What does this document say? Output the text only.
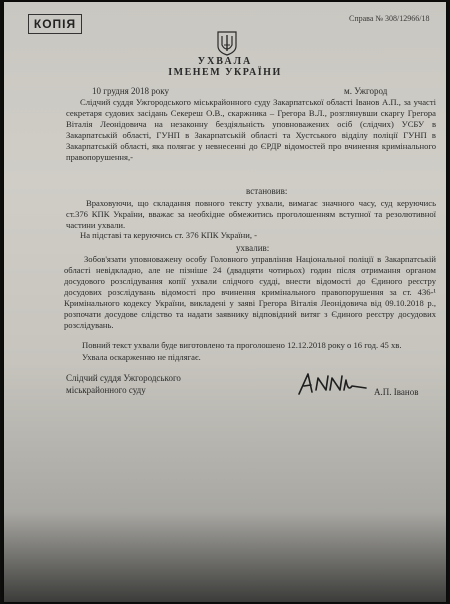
КОПІЯ	Справа № 308/12966/18
УХВАЛА
ІМЕНЕМ УКРАЇНИ
10 грудня 2018 року	м. Ужгород
Слідчий суддя Ужгородського міськрайонного суду Закарпатської області Іванов А.П., за участі секретаря судових засідань Секереш О.В., скаржника – Грегора В.Л., розглянувши скаргу Грегора Віталія Леонідовича на незаконну бездіяльність уповноважених осіб (слідчих) УСБУ в Закарпатській області, ГУНП в Закарпатській області та Хустського відділу поліції ГУНП в Закарпатській області, яка полягає у невнесенні до ЄРДР відомостей про вчинення кримінального правопорушення,-
встановив:
Враховуючи, що складання повного тексту ухвали, вимагає значного часу, суд керуючись ст.376 КПК України, вважає за необхідне обмежитись проголошенням вступної та резолютивної частини ухвали.
На підставі та керуючись ст. 376 КПК України, -
ухвалив:
Зобов'язати уповноважену особу Головного управління Національної поліції в Закарпатській області невідкладно, але не пізніше 24 (двадцяти чотирьох) годин після отримання органом досудового розслідування копії ухвали слідчого судді, внести відомості до Єдиного реєстру досудових розслідувань відомості про вчинення кримінального правопорушення за ст. 436-¹ Кримінального кодексу України, викладені у заяві Грегора Віталія Леонідовича від 09.10.2018 р., розпочати досудове слідство та надати заявнику відповідний витяг з Єдиного реєстру досудових розслідувань.
Повний текст ухвали буде виготовлено та проголошено 12.12.2018 року о 16 год. 45 хв.
Ухвала оскарженню не підлягає.
Слідчий суддя Ужгородського
міськрайонного суду	А.П. Іванов
